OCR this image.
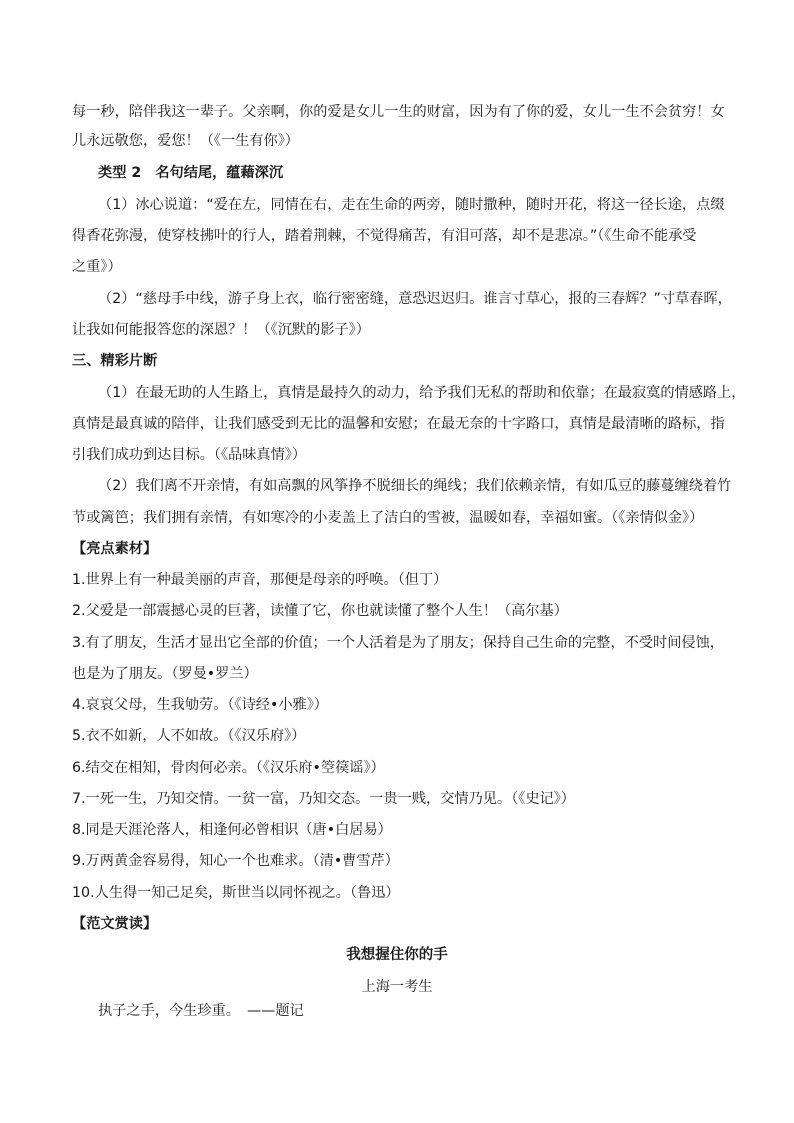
每一秒，陪伴我这一辈子。父亲啊，你的爱是女儿一生的财富，因为有了你的爱，女儿一生不会贫穷！女
儿永远敬您，爱您！（《一生有你》）
类型 2　名句结尾，蕴藉深沉
（1）冰心说道：“爱在左，同情在右，走在生命的两旁，随时撒种，随时开花，将这一径长途，点缀
得香花弥漫，使穿枝拂叶的行人，踏着荆棘，不觉得痛苦，有泪可落，却不是悲凉。”（《生命不能承受
之重》）
（2）“慈母手中线，游子身上衣，临行密密缝，意恐迟迟归。谁言寸草心，报的三春辉？”寸草春晖，
让我如何能报答您的深恩？！（《沉默的影子》）
三、精彩片断
（1）在最无助的人生路上，真情是最持久的动力，给予我们无私的帮助和依靠；在最寂寞的情感路上，
真情是最真诚的陪伴，让我们感受到无比的温馨和安慰；在最无奈的十字路口，真情是最清晰的路标，指
引我们成功到达目标。（《品味真情》）
（2）我们离不开亲情，有如高飘的风筝挣不脱细长的绳线；我们依赖亲情，有如瓜豆的藤蔓缠绕着竹
节或篱笆；我们拥有亲情，有如寒冷的小麦盖上了洁白的雪被，温暖如春，幸福如蜜。（《亲情似金》）
【亮点素材】
1.世界上有一种最美丽的声音，那便是母亲的呼唤。（但丁）
2.父爱是一部震撼心灵的巨著，读懂了它，你也就读懂了整个人生！（高尔基）
3.有了朋友，生活才显出它全部的价值；一个人活着是为了朋友；保持自己生命的完整，不受时间侵蚀，
也是为了朋友。（罗曼•罗兰）
4.哀哀父母，生我劬劳。（《诗经•小雅》）
5.衣不如新，人不如故。（《汉乐府》）
6.结交在相知，骨肉何必亲。（《汉乐府•箜篌谣》）
7.一死一生，乃知交情。一贫一富，乃知交态。一贵一贱，交情乃见。（《史记》）
8.同是天涯沦落人，相逢何必曾相识（唐•白居易）
9.万两黄金容易得，知心一个也难求。（清•曹雪芹）
10.人生得一知己足矣，斯世当以同怀视之。（鲁迅）
【范文赏读】
我想握住你的手
上海一考生
执子之手，今生珍重。　——题记
